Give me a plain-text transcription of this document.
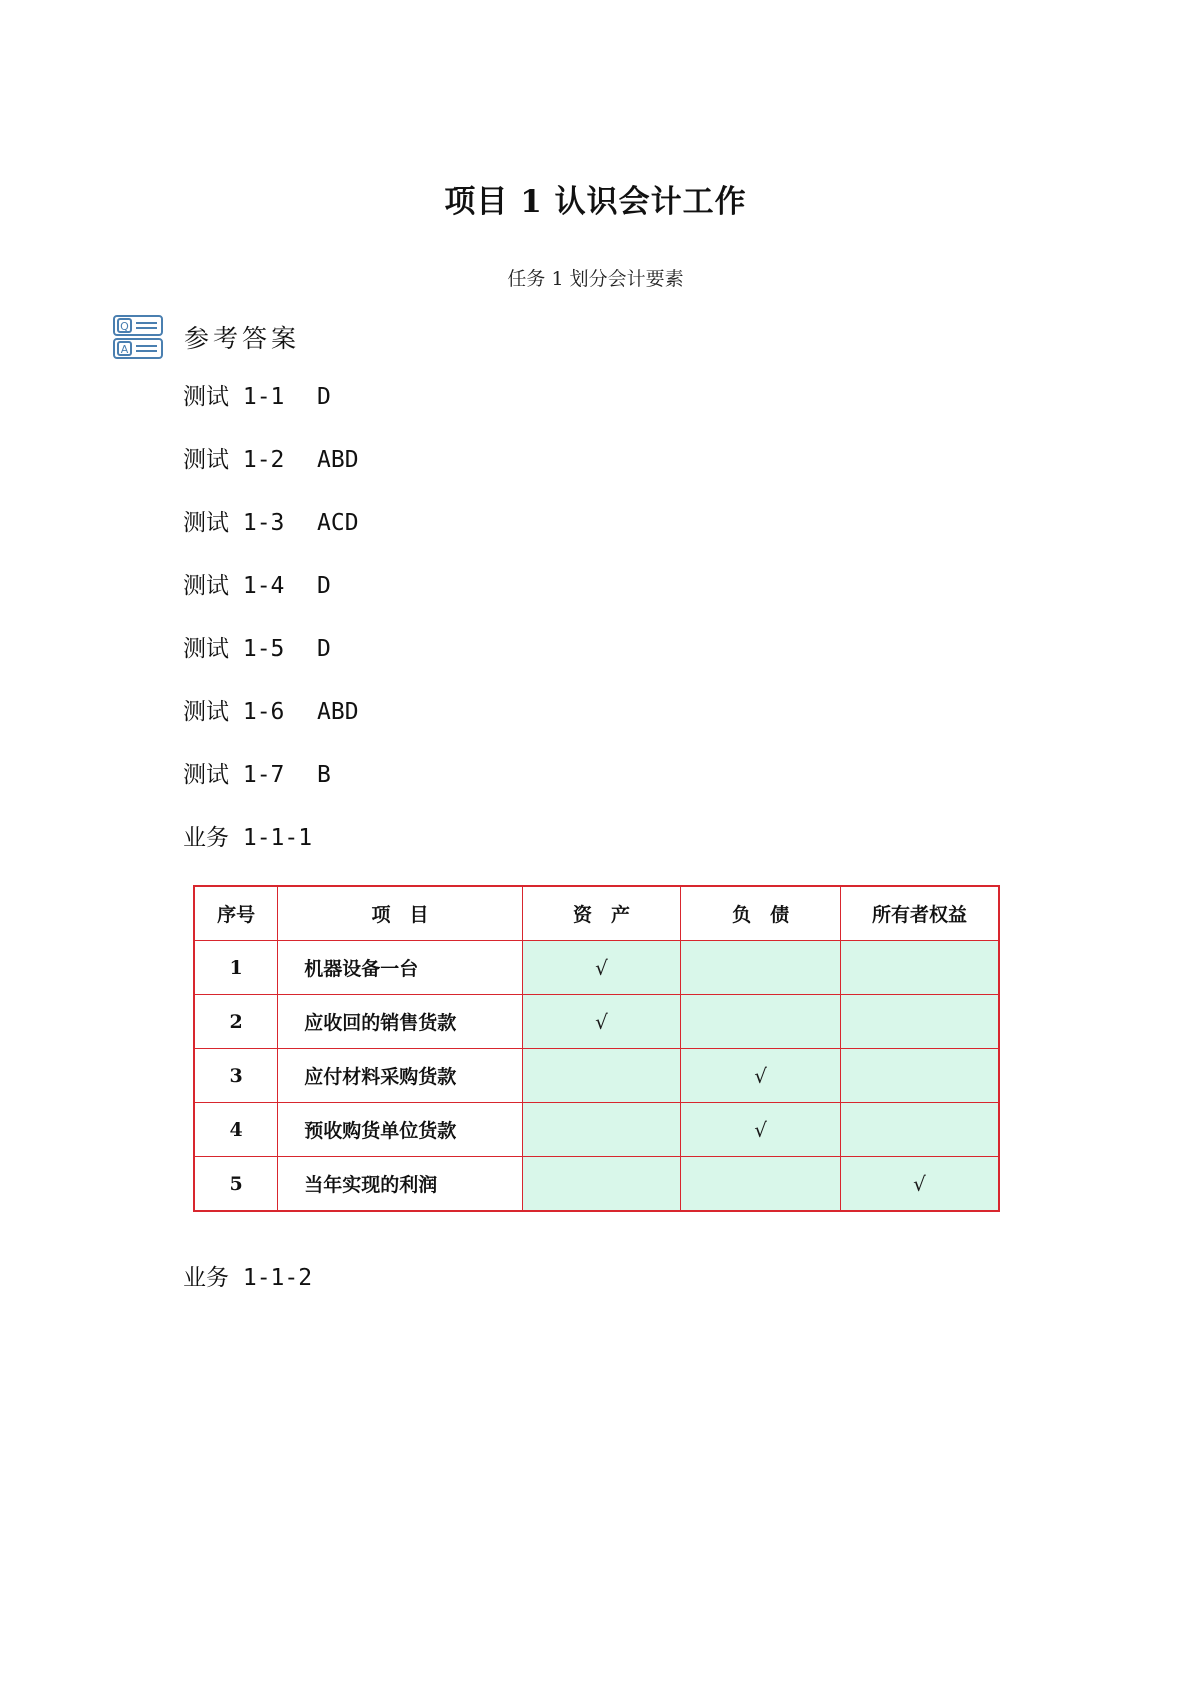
项目 1 认识会计工作
任务 1 划分会计要素
Q
A 参考答案
测试 1-1 D
测试 1-2 ABD
测试 1-3 ACD
测试 1-4 D
测试 1-5 D
测试 1-6 ABD
测试 1-7 B
业务 1-1-1
序号	项　目	资　产	负　债	所有者权益
1	机器设备一台	√		
2	应收回的销售货款	√		
3	应付材料采购货款		√	
4	预收购货单位货款		√	
5	当年实现的利润			√
业务 1-1-2
